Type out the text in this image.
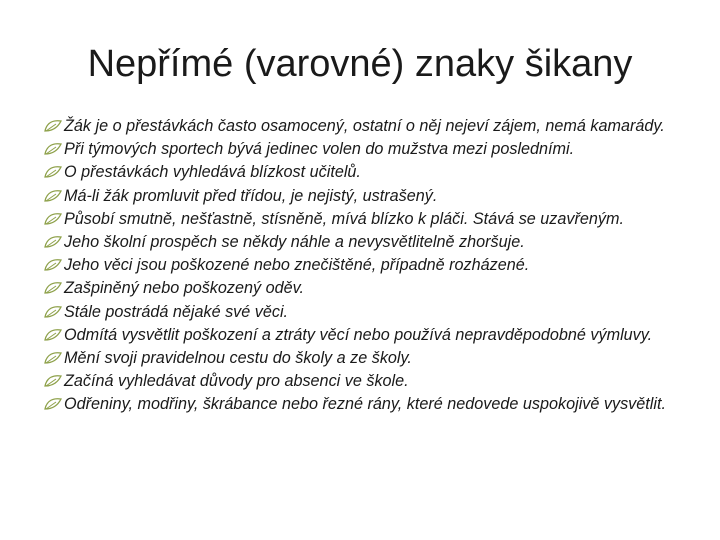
Nepřímé (varovné) znaky šikany
Žák je o přestávkách často osamocený, ostatní o něj nejeví zájem, nemá kamarády.
Při týmových sportech bývá jedinec volen do mužstva mezi posledními.
O přestávkách vyhledává blízkost učitelů.
Má-li žák promluvit před třídou, je nejistý, ustrašený.
Působí smutně, nešťastně, stísněně, mívá blízko k pláči. Stává se uzavřeným.
Jeho školní prospěch se někdy náhle a nevysvětlitelně zhoršuje.
Jeho věci jsou poškozené nebo znečištěné, případně rozházené.
Zašpiněný nebo poškozený oděv.
Stále postrádá nějaké své věci.
Odmítá vysvětlit poškození a ztráty věcí nebo používá nepravděpodobné výmluvy.
Mění svoji pravidelnou cestu do školy a ze školy.
Začíná vyhledávat důvody pro absenci ve škole.
Odřeniny, modřiny, škrábance nebo řezné rány, které nedovede uspokojivě vysvětlit.
